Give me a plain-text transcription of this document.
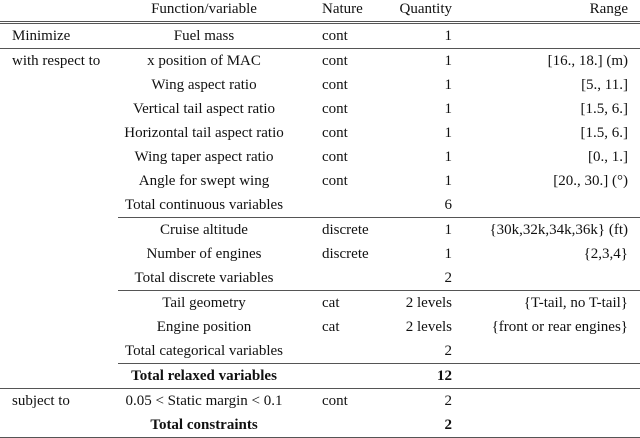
	Function/variable	Nature	Quantity	Range
Minimize	Fuel mass	cont	1	
with respect to	x position of MAC	cont	1	[16., 18.] (m)
	Wing aspect ratio	cont	1	[5., 11.]
	Vertical tail aspect ratio	cont	1	[1.5, 6.]
	Horizontal tail aspect ratio	cont	1	[1.5, 6.]
	Wing taper aspect ratio	cont	1	[0., 1.]
	Angle for swept wing	cont	1	[20., 30.] (°)
	Total continuous variables		6	
	Cruise altitude	discrete	1	{30k,32k,34k,36k} (ft)
	Number of engines	discrete	1	{2,3,4}
	Total discrete variables		2	
	Tail geometry	cat	2 levels	{T-tail, no T-tail}
	Engine position	cat	2 levels	{front or rear engines}
	Total categorical variables		2	
	Total relaxed variables		12	
subject to	0.05 < Static margin < 0.1	cont	2	
	Total constraints		2	
